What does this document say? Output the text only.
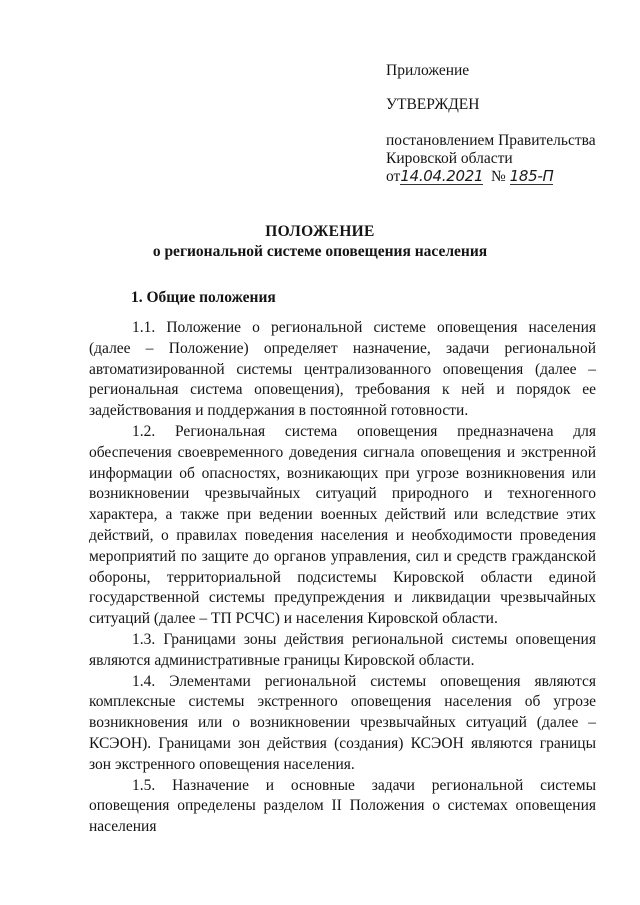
Приложение
УТВЕРЖДЕН
постановлением Правительства
Кировской области
от14.04.2021 № 185-П
ПОЛОЖЕНИЕ
о региональной системе оповещения населения
1. Общие положения

1.1. Положение о региональной системе оповещения населения (далее – Положение) определяет назначение, задачи региональной автоматизированной системы централизованного оповещения (далее – региональная система оповещения), требования к ней и порядок ее задействования и поддержания в постоянной готовности.

1.2. Региональная система оповещения предназначена для обеспечения своевременного доведения сигнала оповещения и экстренной информации об опасностях, возникающих при угрозе возникновения или возникновении чрезвычайных ситуаций природного и техногенного характера, а также при ведении военных действий или вследствие этих действий, о правилах поведения населения и необходимости проведения мероприятий по защите до органов управления, сил и средств гражданской обороны, территориальной подсистемы Кировской области единой государственной системы предупреждения и ликвидации чрезвычайных ситуаций (далее – ТП РСЧС) и населения Кировской области.

1.3. Границами зоны действия региональной системы оповещения являются административные границы Кировской области.

1.4. Элементами региональной системы оповещения являются комплексные системы экстренного оповещения населения об угрозе возникновения или о возникновении чрезвычайных ситуаций (далее – КСЭОН). Границами зон действия (создания) КСЭОН являются границы зон экстренного оповещения населения.

1.5. Назначение и основные задачи региональной системы оповещения определены разделом II Положения о системах оповещения населения
